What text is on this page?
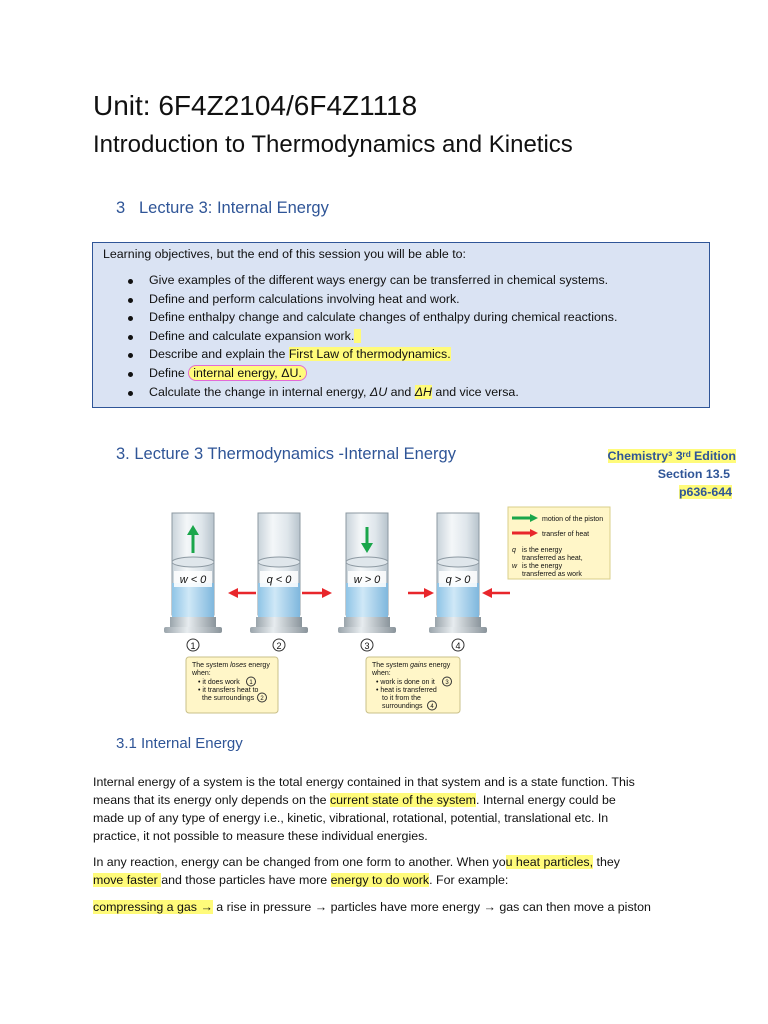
Unit: 6F4Z2104/6F4Z1118
Introduction to Thermodynamics and Kinetics
3 Lecture 3: Internal Energy
Learning objectives, but the end of this session you will be able to:
Give examples of the different ways energy can be transferred in chemical systems.
Define and perform calculations involving heat and work.
Define enthalpy change and calculate changes of enthalpy during chemical reactions.
Define and calculate expansion work.
Describe and explain the First Law of thermodynamics.
Define internal energy, ΔU.
Calculate the change in internal energy, ΔU and ΔH and vice versa.
3. Lecture 3 Thermodynamics -Internal Energy	Chemistry³ 3ʳᵈ Edition
Section 13.5
p636-644
w < 0
1
q < 0
2
w > 0
3
q > 0
4
motion of the piston
transfer of heat
q is the energy
transferred as heat,
w is the energy
transferred as work
The system loses energy
when:
• it does work 1
• it transfers heat to
the surroundings 2
The system gains energy
when:
• work is done on it 3
• heat is transferred
to it from the
surroundings 4
3.1 Internal Energy
Internal energy of a system is the total energy contained in that system and is a state function. This
means that its energy only depends on the current state of the system. Internal energy could be
made up of any type of energy i.e., kinetic, vibrational, rotational, potential, translational etc. In
practice, it not possible to measure these individual energies.
In any reaction, energy can be changed from one form to another. When you heat particles, they
move faster and those particles have more energy to do work. For example:
compressing a gas → a rise in pressure → particles have more energy → gas can then move a piston
